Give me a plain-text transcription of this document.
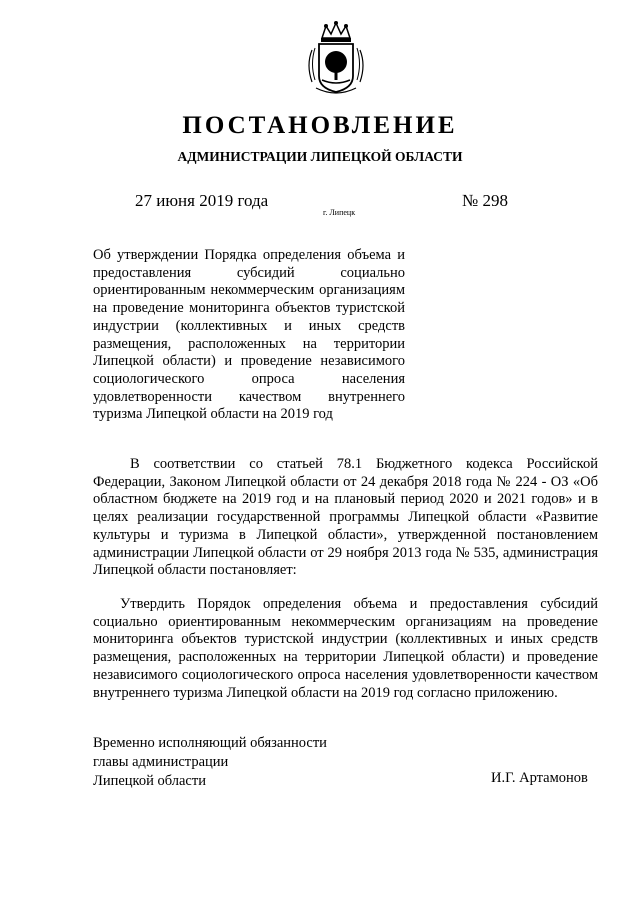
ПОСТАНОВЛЕНИЕ
АДМИНИСТРАЦИИ ЛИПЕЦКОЙ ОБЛАСТИ
27 июня 2019 года
г. Липецк
№ 298
Об утверждении Порядка определения объема и предоставления субсидий социально ориентированным некоммерческим организациям на проведение мониторинга объектов туристской индустрии (коллективных и иных средств размещения, расположенных на территории Липецкой области) и проведение независимого социологического опроса населения удовлетворенности качеством внутреннего туризма Липецкой области на 2019 год
В соответствии со статьей 78.1 Бюджетного кодекса Российской Федерации, Законом Липецкой области от 24 декабря 2018 года № 224 - ОЗ «Об областном бюджете на 2019 год и на плановый период 2020 и 2021 годов» и в целях реализации государственной программы Липецкой области «Развитие культуры и туризма в Липецкой области», утвержденной постановлением администрации Липецкой области от 29 ноября 2013 года № 535, администрация Липецкой области постановляет:
Утвердить Порядок определения объема и предоставления субсидий социально ориентированным некоммерческим организациям на проведение мониторинга объектов туристской индустрии (коллективных и иных средств размещения, расположенных на территории Липецкой области) и проведение независимого социологического опроса населения удовлетворенности качеством внутреннего туризма Липецкой области на 2019 год согласно приложению.
Временно исполняющий обязанности
главы администрации
Липецкой области	И.Г. Артамонов
